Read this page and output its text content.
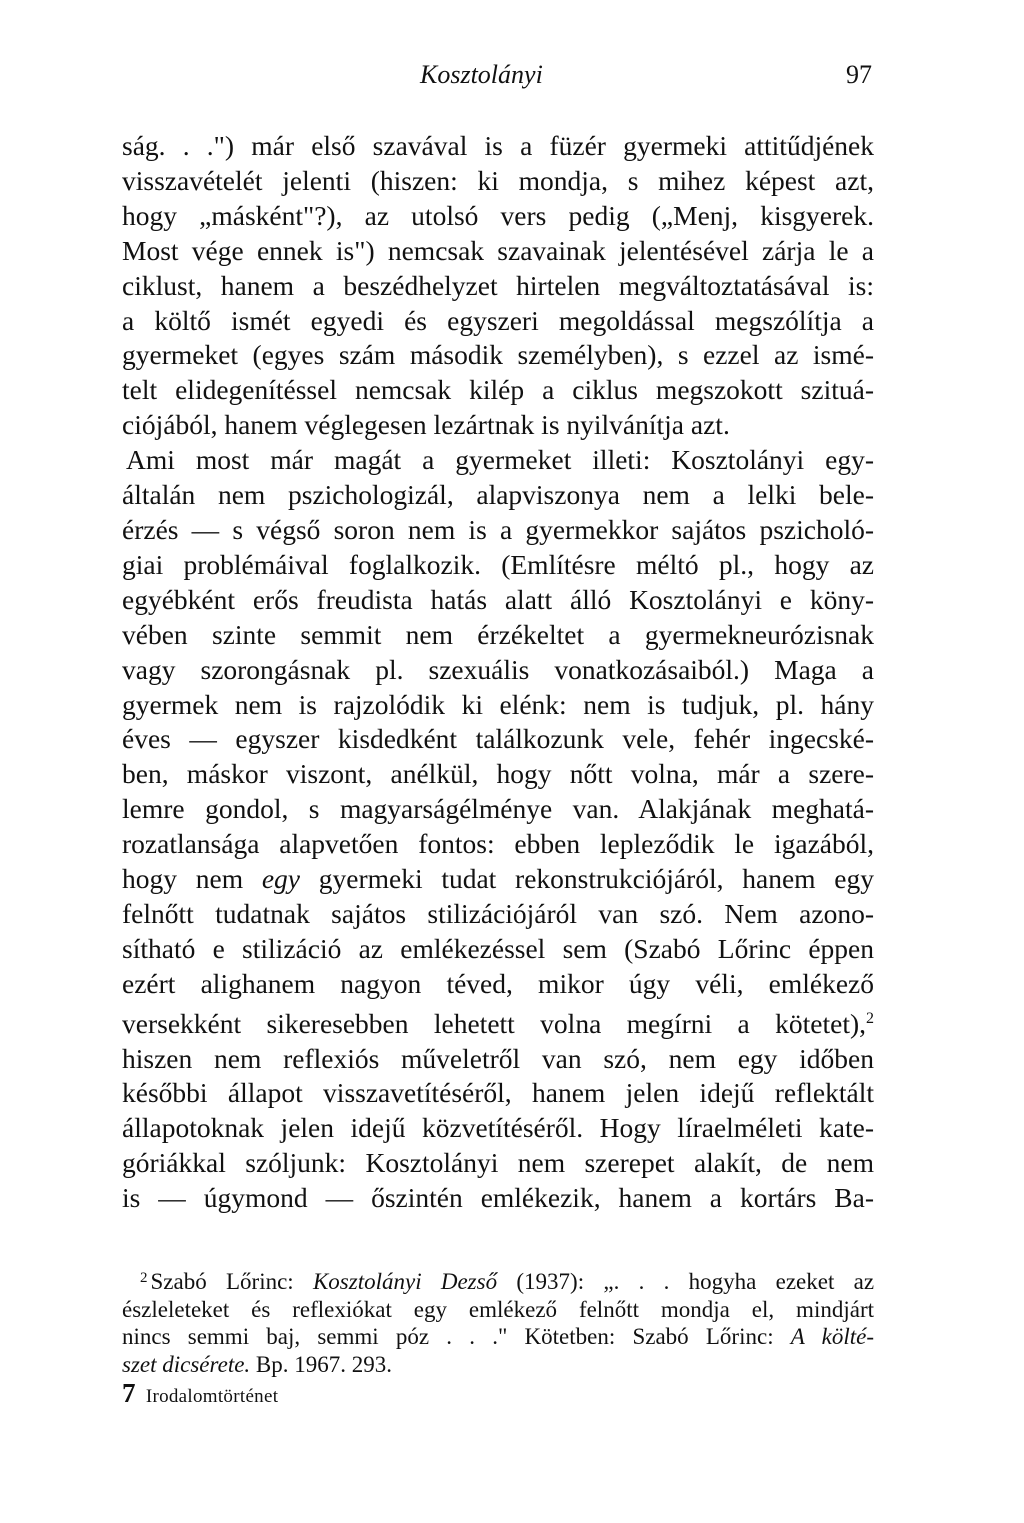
Kosztolányi	97
ság. . .") már első szavával is a füzér gyermeki attitűdjének
visszavételét jelenti (hiszen: ki mondja, s mihez képest azt,
hogy „másként"?), az utolsó vers pedig („Menj, kisgyerek.
Most vége ennek is") nemcsak szavainak jelentésével zárja le a
ciklust, hanem a beszédhelyzet hirtelen megváltoztatásával is:
a költő ismét egyedi és egyszeri megoldással megszólítja a
gyermeket (egyes szám második személyben), s ezzel az ismé-
telt elidegenítéssel nemcsak kilép a ciklus megszokott szituá-
ciójából, hanem véglegesen lezártnak is nyilvánítja azt.
Ami most már magát a gyermeket illeti: Kosztolányi egy-
általán nem pszichologizál, alapviszonya nem a lelki bele-
érzés — s végső soron nem is a gyermekkor sajátos pszicholó-
giai problémáival foglalkozik. (Említésre méltó pl., hogy az
egyébként erős freudista hatás alatt álló Kosztolányi e köny-
vében szinte semmit nem érzékeltet a gyermekneurózisnak
vagy szorongásnak pl. szexuális vonatkozásaiból.) Maga a
gyermek nem is rajzolódik ki elénk: nem is tudjuk, pl. hány
éves — egyszer kisdedként találkozunk vele, fehér ingecské-
ben, máskor viszont, anélkül, hogy nőtt volna, már a szere-
lemre gondol, s magyarságélménye van. Alakjának meghatá-
rozatlansága alapvetően fontos: ebben lepleződik le igazából,
hogy nem egy gyermeki tudat rekonstrukciójáról, hanem egy
felnőtt tudatnak sajátos stilizációjáról van szó. Nem azono-
sítható e stilizáció az emlékezéssel sem (Szabó Lőrinc éppen
ezért alighanem nagyon téved, mikor úgy véli, emlékező
versekként sikeresebben lehetett volna megírni a kötetet),$^2$
hiszen nem reflexiós műveletről van szó, nem egy időben
későbbi állapot visszavetítéséről, hanem jelen idejű reflektált
állapotoknak jelen idejű közvetítéséről. Hogy líraelméleti kate-
góriákkal szóljunk: Kosztolányi nem szerepet alakít, de nem
is — úgymond — őszintén emlékezik, hanem a kortárs Ba-
$^2$ Szabó Lőrinc: Kosztolányi Dezső (1937): „. . . hogyha ezeket az
észleleteket és reflexiókat egy emlékező felnőtt mondja el, mindjárt
nincs semmi baj, semmi póz . . ." Kötetben: Szabó Lőrinc: A költé-
szet dicsérete. Bp. 1967. 293.
7 Irodalomtörténet
